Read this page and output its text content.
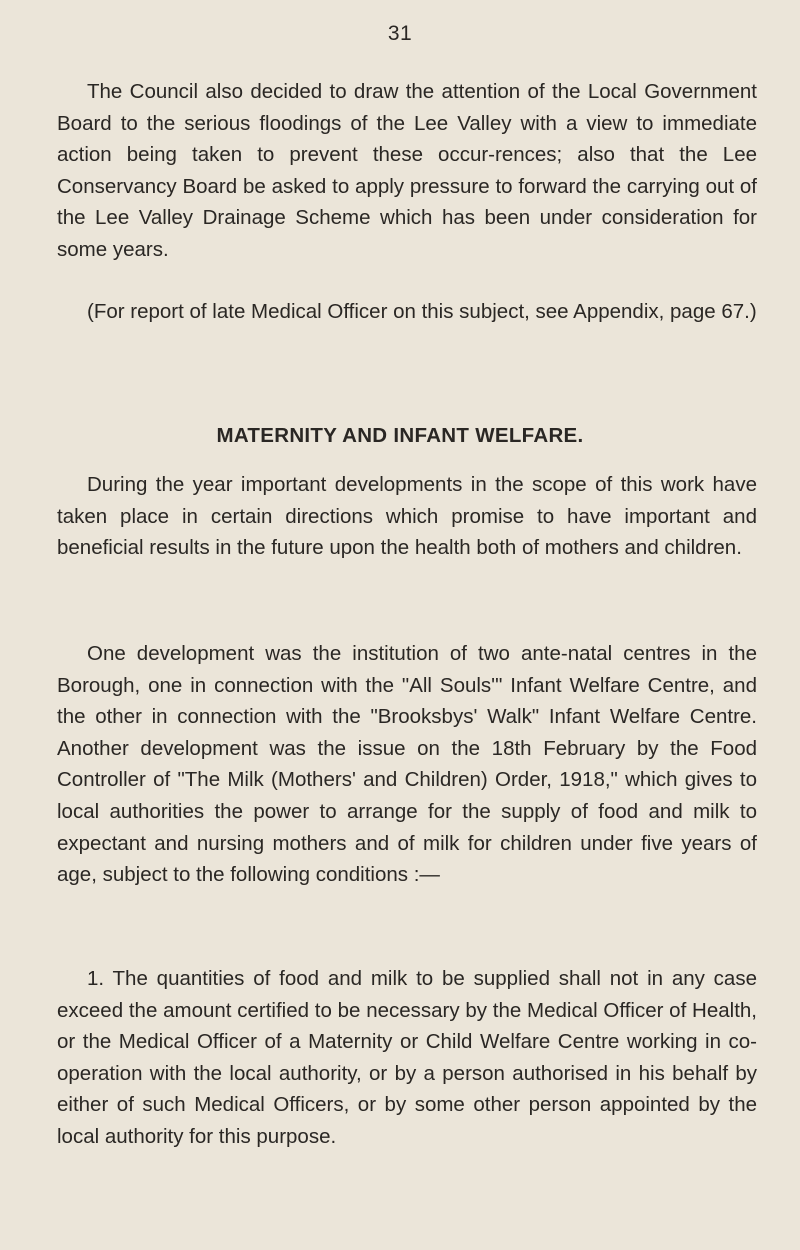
31

The Council also decided to draw the attention of the Local Government Board to the serious floodings of the Lee Valley with a view to immediate action being taken to prevent these occur-rences; also that the Lee Conservancy Board be asked to apply pressure to forward the carrying out of the Lee Valley Drainage Scheme which has been under consideration for some years.

(For report of late Medical Officer on this subject, see Appendix, page 67.)

MATERNITY AND INFANT WELFARE.

During the year important developments in the scope of this work have taken place in certain directions which promise to have important and beneficial results in the future upon the health both of mothers and children.

One development was the institution of two ante-natal centres in the Borough, one in connection with the "All Souls'" Infant Welfare Centre, and the other in connection with the "Brooksbys' Walk" Infant Welfare Centre. Another development was the issue on the 18th February by the Food Controller of "The Milk (Mothers' and Children) Order, 1918," which gives to local authorities the power to arrange for the supply of food and milk to expectant and nursing mothers and of milk for children under five years of age, subject to the following conditions :—

1. The quantities of food and milk to be supplied shall not in any case exceed the amount certified to be necessary by the Medical Officer of Health, or the Medical Officer of a Maternity or Child Welfare Centre working in co-operation with the local authority, or by a person authorised in his behalf by either of such Medical Officers, or by some other person appointed by the local authority for this purpose.
